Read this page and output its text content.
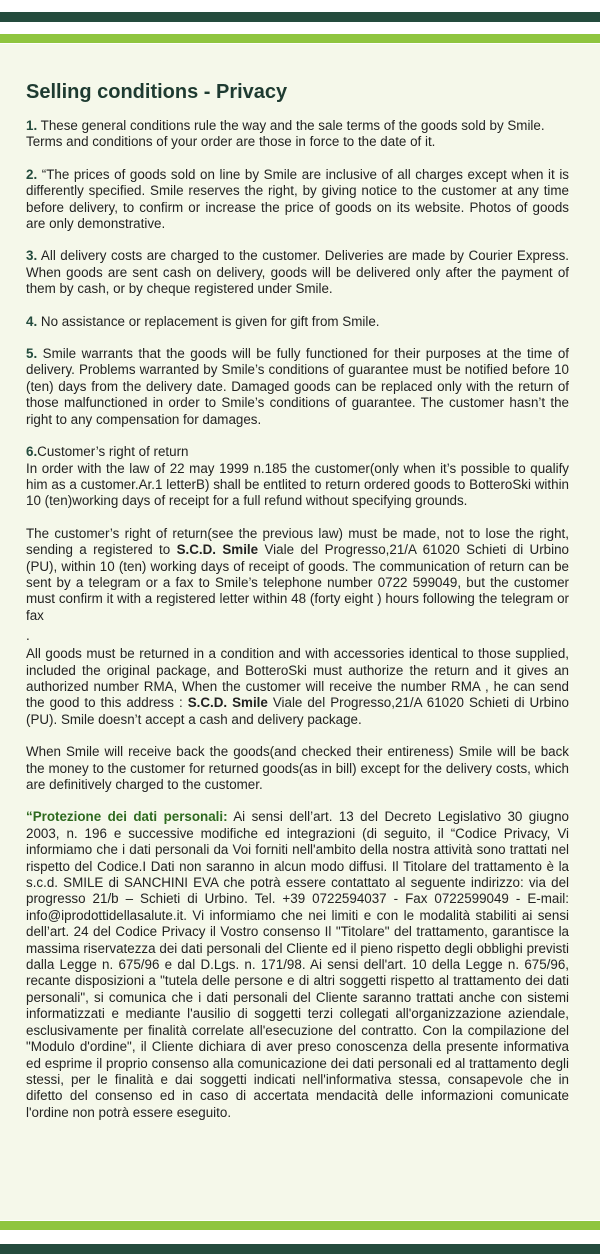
Selling conditions - Privacy

1. These general conditions rule the way and the sale terms of the goods sold by Smile.
Terms and conditions of your order are those in force to the date of it.

2. “The prices of goods sold on line by Smile are inclusive of all charges except when it is differently specified. Smile reserves the right, by giving notice to the customer at any time before delivery, to confirm or increase the price of goods on its website. Photos of goods are only demonstrative.

3. All delivery costs are charged to the customer. Deliveries are made by Courier Express. When goods are sent cash on delivery, goods will be delivered only after the payment of them by cash, or by cheque registered under Smile.

4. No assistance or replacement is given for gift from Smile.

5. Smile warrants that the goods will be fully functioned for their purposes at the time of delivery. Problems warranted by Smile’s conditions of guarantee must be notified before 10 (ten) days from the delivery date. Damaged goods can be replaced only with the return of those malfunctioned in order to Smile’s conditions of guarantee. The customer hasn’t the right to any compensation for damages.

6.Customer’s right of return
In order with the law of 22 may 1999 n.185 the customer(only when it’s possible to qualify him as a customer.Ar.1 letterB) shall be entlited to return ordered goods to BotteroSki within 10 (ten)working days of receipt for a full refund without specifying grounds.

The customer’s right of return(see the previous law) must be made, not to lose the right, sending a registered to S.C.D. Smile Viale del Progresso,21/A 61020 Schieti di Urbino (PU), within 10 (ten) working days of receipt of goods. The communication of return can be sent by a telegram or a fax to Smile’s telephone number 0722 599049, but the customer must confirm it with a registered letter within 48 (forty eight ) hours following the telegram or fax

.

All goods must be returned in a condition and with accessories identical to those supplied, included the original package, and BotteroSki must authorize the return and it gives an authorized number RMA, When the customer will receive the number RMA , he can send the good to this address : S.C.D. Smile Viale del Progresso,21/A 61020 Schieti di Urbino (PU). Smile doesn’t accept a cash and delivery package.

When Smile will receive back the goods(and checked their entireness) Smile will be back the money to the customer for returned goods(as in bill) except for the delivery costs, which are definitively charged to the customer.

“Protezione dei dati personali: Ai sensi dell’art. 13 del Decreto Legislativo 30 giugno 2003, n. 196 e successive modifiche ed integrazioni (di seguito, il “Codice Privacy, Vi informiamo che i dati personali da Voi forniti nell'ambito della nostra attività sono trattati nel rispetto del Codice.I Dati non saranno in alcun modo diffusi. Il Titolare del trattamento è la s.c.d. SMILE di SANCHINI EVA che potrà essere contattato al seguente indirizzo: via del progresso 21/b – Schieti di Urbino. Tel. +39 0722594037 - Fax 0722599049 - E-mail: info@iprodottidellasalute.it. Vi informiamo che nei limiti e con le modalità stabiliti ai sensi dell’art. 24 del Codice Privacy il Vostro consenso Il "Titolare" del trattamento, garantisce la massima riservatezza dei dati personali del Cliente ed il pieno rispetto degli obblighi previsti dalla Legge n. 675/96 e dal D.Lgs. n. 171/98. Ai sensi dell'art. 10 della Legge n. 675/96, recante disposizioni a "tutela delle persone e di altri soggetti rispetto al trattamento dei dati personali", si comunica che i dati personali del Cliente saranno trattati anche con sistemi informatizzati e mediante l'ausilio di soggetti terzi collegati all'organizzazione aziendale, esclusivamente per finalità correlate all'esecuzione del contratto. Con la compilazione del "Modulo d'ordine", il Cliente dichiara di aver preso conoscenza della presente informativa ed esprime il proprio consenso alla comunicazione dei dati personali ed al trattamento degli stessi, per le finalità e dai soggetti indicati nell'informativa stessa, consapevole che in difetto del consenso ed in caso di accertata mendacità delle informazioni comunicate l'ordine non potrà essere eseguito.
